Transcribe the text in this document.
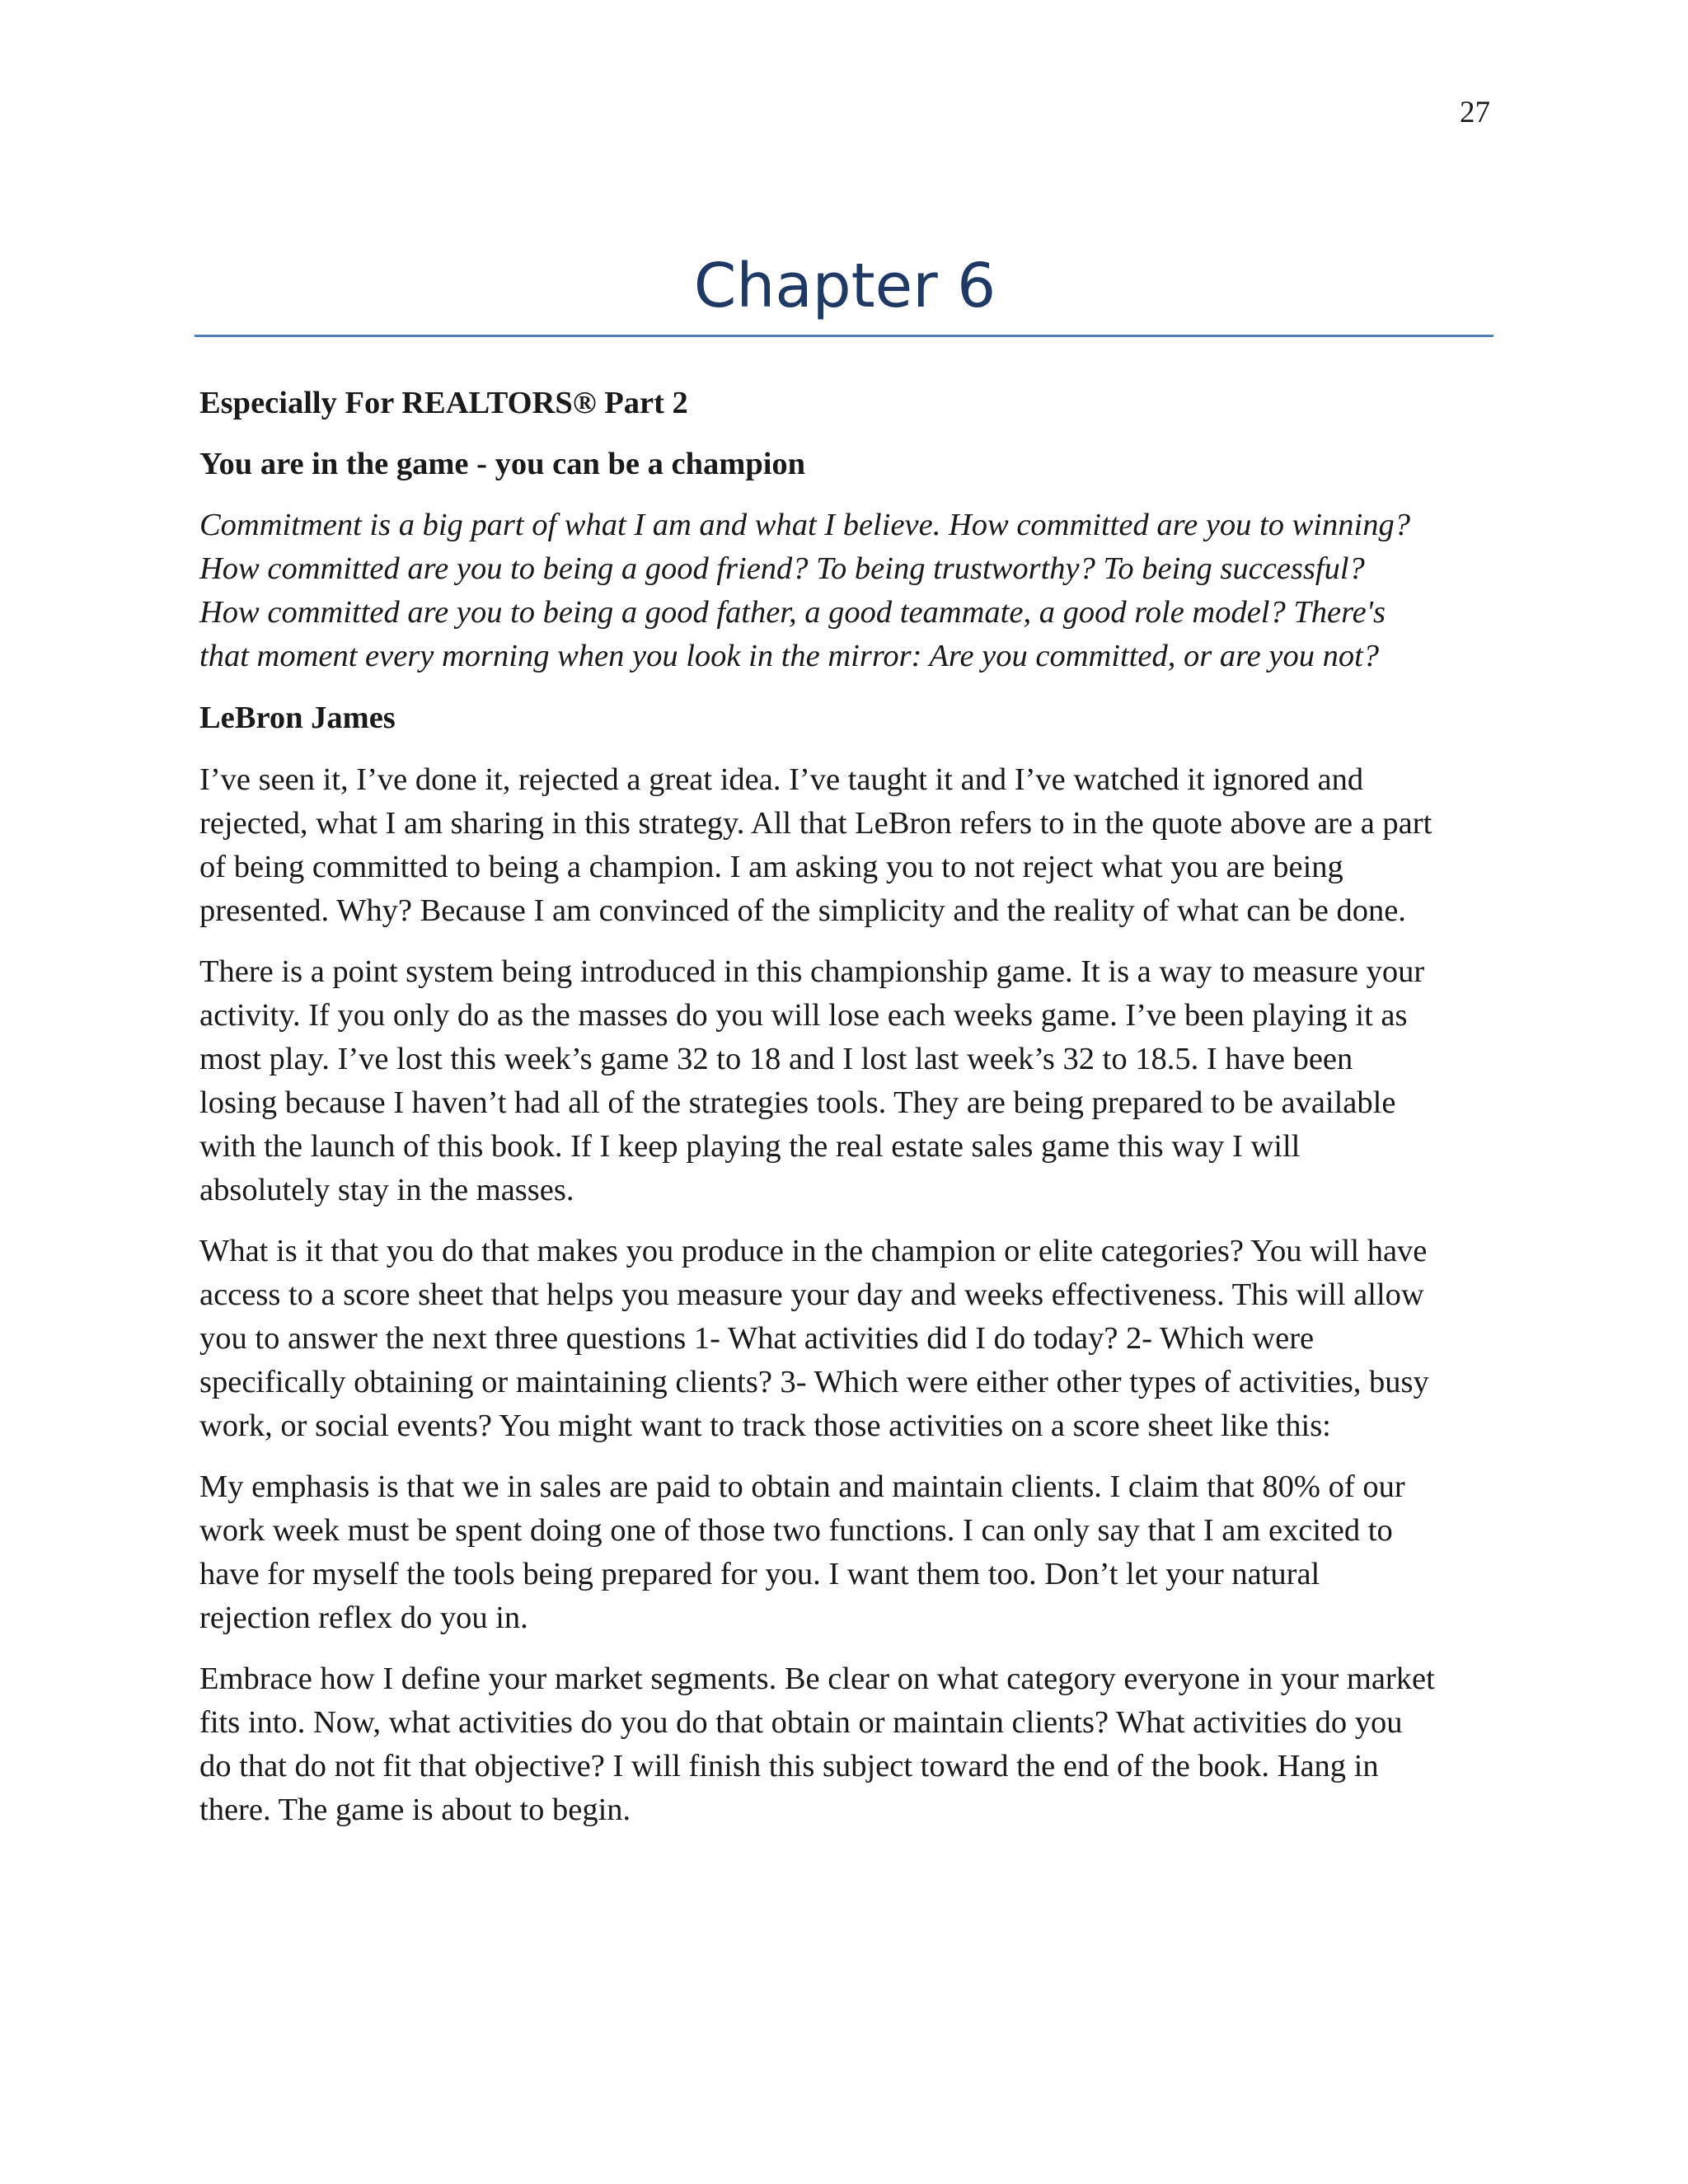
27
Chapter 6
Especially For REALTORS® Part 2
You are in the game - you can be a champion
Commitment is a big part of what I am and what I believe. How committed are you to winning?
How committed are you to being a good friend? To being trustworthy? To being successful?
How committed are you to being a good father, a good teammate, a good role model? There's
that moment every morning when you look in the mirror: Are you committed, or are you not?
LeBron James
I’ve seen it, I’ve done it, rejected a great idea. I’ve taught it and I’ve watched it ignored and
rejected, what I am sharing in this strategy. All that LeBron refers to in the quote above are a part
of being committed to being a champion. I am asking you to not reject what you are being
presented. Why? Because I am convinced of the simplicity and the reality of what can be done.
There is a point system being introduced in this championship game. It is a way to measure your
activity. If you only do as the masses do you will lose each weeks game. I’ve been playing it as
most play. I’ve lost this week’s game 32 to 18 and I lost last week’s 32 to 18.5. I have been
losing because I haven’t had all of the strategies tools. They are being prepared to be available
with the launch of this book. If I keep playing the real estate sales game this way I will
absolutely stay in the masses.
What is it that you do that makes you produce in the champion or elite categories? You will have
access to a score sheet that helps you measure your day and weeks effectiveness. This will allow
you to answer the next three questions 1- What activities did I do today? 2- Which were
specifically obtaining or maintaining clients? 3- Which were either other types of activities, busy
work, or social events? You might want to track those activities on a score sheet like this:
My emphasis is that we in sales are paid to obtain and maintain clients. I claim that 80% of our
work week must be spent doing one of those two functions. I can only say that I am excited to
have for myself the tools being prepared for you. I want them too. Don’t let your natural
rejection reflex do you in.
Embrace how I define your market segments. Be clear on what category everyone in your market
fits into. Now, what activities do you do that obtain or maintain clients? What activities do you
do that do not fit that objective? I will finish this subject toward the end of the book. Hang in
there. The game is about to begin.
